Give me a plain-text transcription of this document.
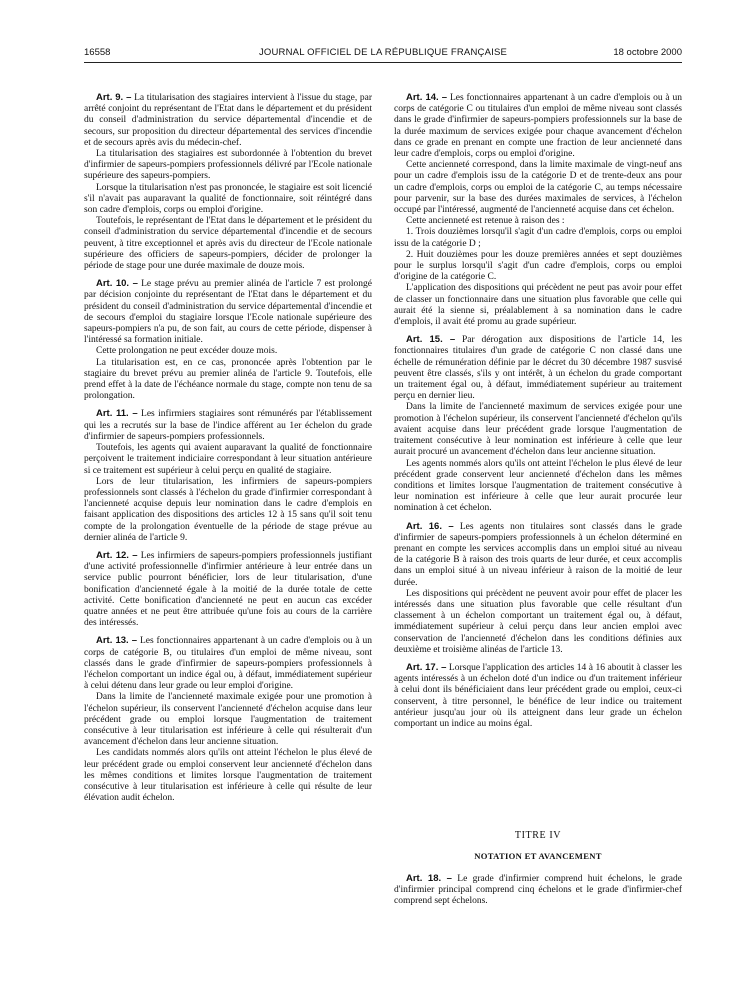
16558	JOURNAL OFFICIEL DE LA RÉPUBLIQUE FRANÇAISE	18 octobre 2000

Art. 9. – La titularisation des stagiaires intervient à l'issue du stage, par arrêté conjoint du représentant de l'Etat dans le département et du président du conseil d'administration du service départemental d'incendie et de secours, sur proposition du directeur départemental des services d'incendie et de secours après avis du médecin-chef.

La titularisation des stagiaires est subordonnée à l'obtention du brevet d'infirmier de sapeurs-pompiers professionnels délivré par l'Ecole nationale supérieure des sapeurs-pompiers.

Lorsque la titularisation n'est pas prononcée, le stagiaire est soit licencié s'il n'avait pas auparavant la qualité de fonctionnaire, soit réintégré dans son cadre d'emplois, corps ou emploi d'origine.

Toutefois, le représentant de l'Etat dans le département et le président du conseil d'administration du service départemental d'incendie et de secours peuvent, à titre exceptionnel et après avis du directeur de l'Ecole nationale supérieure des officiers de sapeurs-pompiers, décider de prolonger la période de stage pour une durée maximale de douze mois.

Art. 10. – Le stage prévu au premier alinéa de l'article 7 est prolongé par décision conjointe du représentant de l'Etat dans le département et du président du conseil d'administration du service départemental d'incendie et de secours d'emploi du stagiaire lorsque l'Ecole nationale supérieure des sapeurs-pompiers n'a pu, de son fait, au cours de cette période, dispenser à l'intéressé sa formation initiale.

Cette prolongation ne peut excéder douze mois.

La titularisation est, en ce cas, prononcée après l'obtention par le stagiaire du brevet prévu au premier alinéa de l'article 9. Toutefois, elle prend effet à la date de l'échéance normale du stage, compte non tenu de sa prolongation.

Art. 11. – Les infirmiers stagiaires sont rémunérés par l'établissement qui les a recrutés sur la base de l'indice afférent au 1er échelon du grade d'infirmier de sapeurs-pompiers professionnels.

Toutefois, les agents qui avaient auparavant la qualité de fonctionnaire perçoivent le traitement indiciaire correspondant à leur situation antérieure si ce traitement est supérieur à celui perçu en qualité de stagiaire.

Lors de leur titularisation, les infirmiers de sapeurs-pompiers professionnels sont classés à l'échelon du grade d'infirmier correspondant à l'ancienneté acquise depuis leur nomination dans le cadre d'emplois en faisant application des dispositions des articles 12 à 15 sans qu'il soit tenu compte de la prolongation éventuelle de la période de stage prévue au dernier alinéa de l'article 9.

Art. 12. – Les infirmiers de sapeurs-pompiers professionnels justifiant d'une activité professionnelle d'infirmier antérieure à leur entrée dans un service public pourront bénéficier, lors de leur titularisation, d'une bonification d'ancienneté égale à la moitié de la durée totale de cette activité. Cette bonification d'ancienneté ne peut en aucun cas excéder quatre années et ne peut être attribuée qu'une fois au cours de la carrière des intéressés.

Art. 13. – Les fonctionnaires appartenant à un cadre d'emplois ou à un corps de catégorie B, ou titulaires d'un emploi de même niveau, sont classés dans le grade d'infirmier de sapeurs-pompiers professionnels à l'échelon comportant un indice égal ou, à défaut, immédiatement supérieur à celui détenu dans leur grade ou leur emploi d'origine.

Dans la limite de l'ancienneté maximale exigée pour une promotion à l'échelon supérieur, ils conservent l'ancienneté d'échelon acquise dans leur précédent grade ou emploi lorsque l'augmentation de traitement consécutive à leur titularisation est inférieure à celle qui résulterait d'un avancement d'échelon dans leur ancienne situation.

Les candidats nommés alors qu'ils ont atteint l'échelon le plus élevé de leur précédent grade ou emploi conservent leur ancienneté d'échelon dans les mêmes conditions et limites lorsque l'augmentation de traitement consécutive à leur titularisation est inférieure à celle qui résulte de leur élévation audit échelon.

Art. 14. – Les fonctionnaires appartenant à un cadre d'emplois ou à un corps de catégorie C ou titulaires d'un emploi de même niveau sont classés dans le grade d'infirmier de sapeurs-pompiers professionnels sur la base de la durée maximum de services exigée pour chaque avancement d'échelon dans ce grade en prenant en compte une fraction de leur ancienneté dans leur cadre d'emplois, corps ou emploi d'origine.

Cette ancienneté correspond, dans la limite maximale de vingt-neuf ans pour un cadre d'emplois issu de la catégorie D et de trente-deux ans pour un cadre d'emplois, corps ou emploi de la catégorie C, au temps nécessaire pour parvenir, sur la base des durées maximales de services, à l'échelon occupé par l'intéressé, augmenté de l'ancienneté acquise dans cet échelon.

Cette ancienneté est retenue à raison des :

1. Trois douzièmes lorsqu'il s'agit d'un cadre d'emplois, corps ou emploi issu de la catégorie D ;

2. Huit douzièmes pour les douze premières années et sept douzièmes pour le surplus lorsqu'il s'agit d'un cadre d'emplois, corps ou emploi d'origine de la catégorie C.

L'application des dispositions qui précèdent ne peut pas avoir pour effet de classer un fonctionnaire dans une situation plus favorable que celle qui aurait été la sienne si, préalablement à sa nomination dans le cadre d'emplois, il avait été promu au grade supérieur.

Art. 15. – Par dérogation aux dispositions de l'article 14, les fonctionnaires titulaires d'un grade de catégorie C non classé dans une échelle de rémunération définie par le décret du 30 décembre 1987 susvisé peuvent être classés, s'ils y ont intérêt, à un échelon du grade comportant un traitement égal ou, à défaut, immédiatement supérieur au traitement perçu en dernier lieu.

Dans la limite de l'ancienneté maximum de services exigée pour une promotion à l'échelon supérieur, ils conservent l'ancienneté d'échelon qu'ils avaient acquise dans leur précédent grade lorsque l'augmentation de traitement consécutive à leur nomination est inférieure à celle que leur aurait procuré un avancement d'échelon dans leur ancienne situation.

Les agents nommés alors qu'ils ont atteint l'échelon le plus élevé de leur précédent grade conservent leur ancienneté d'échelon dans les mêmes conditions et limites lorsque l'augmentation de traitement consécutive à leur nomination est inférieure à celle que leur aurait procurée leur nomination à cet échelon.

Art. 16. – Les agents non titulaires sont classés dans le grade d'infirmier de sapeurs-pompiers professionnels à un échelon déterminé en prenant en compte les services accomplis dans un emploi situé au niveau de la catégorie B à raison des trois quarts de leur durée, et ceux accomplis dans un emploi situé à un niveau inférieur à raison de la moitié de leur durée.

Les dispositions qui précèdent ne peuvent avoir pour effet de placer les intéressés dans une situation plus favorable que celle résultant d'un classement à un échelon comportant un traitement égal ou, à défaut, immédiatement supérieur à celui perçu dans leur ancien emploi avec conservation de l'ancienneté d'échelon dans les conditions définies aux deuxième et troisième alinéas de l'article 13.

Art. 17. – Lorsque l'application des articles 14 à 16 aboutit à classer les agents intéressés à un échelon doté d'un indice ou d'un traitement inférieur à celui dont ils bénéficiaient dans leur précédent grade ou emploi, ceux-ci conservent, à titre personnel, le bénéfice de leur indice ou traitement antérieur jusqu'au jour où ils atteignent dans leur grade un échelon comportant un indice au moins égal.

TITRE IV

NOTATION ET AVANCEMENT

Art. 18. – Le grade d'infirmier comprend huit échelons, le grade d'infirmier principal comprend cinq échelons et le grade d'infirmier-chef comprend sept échelons.
